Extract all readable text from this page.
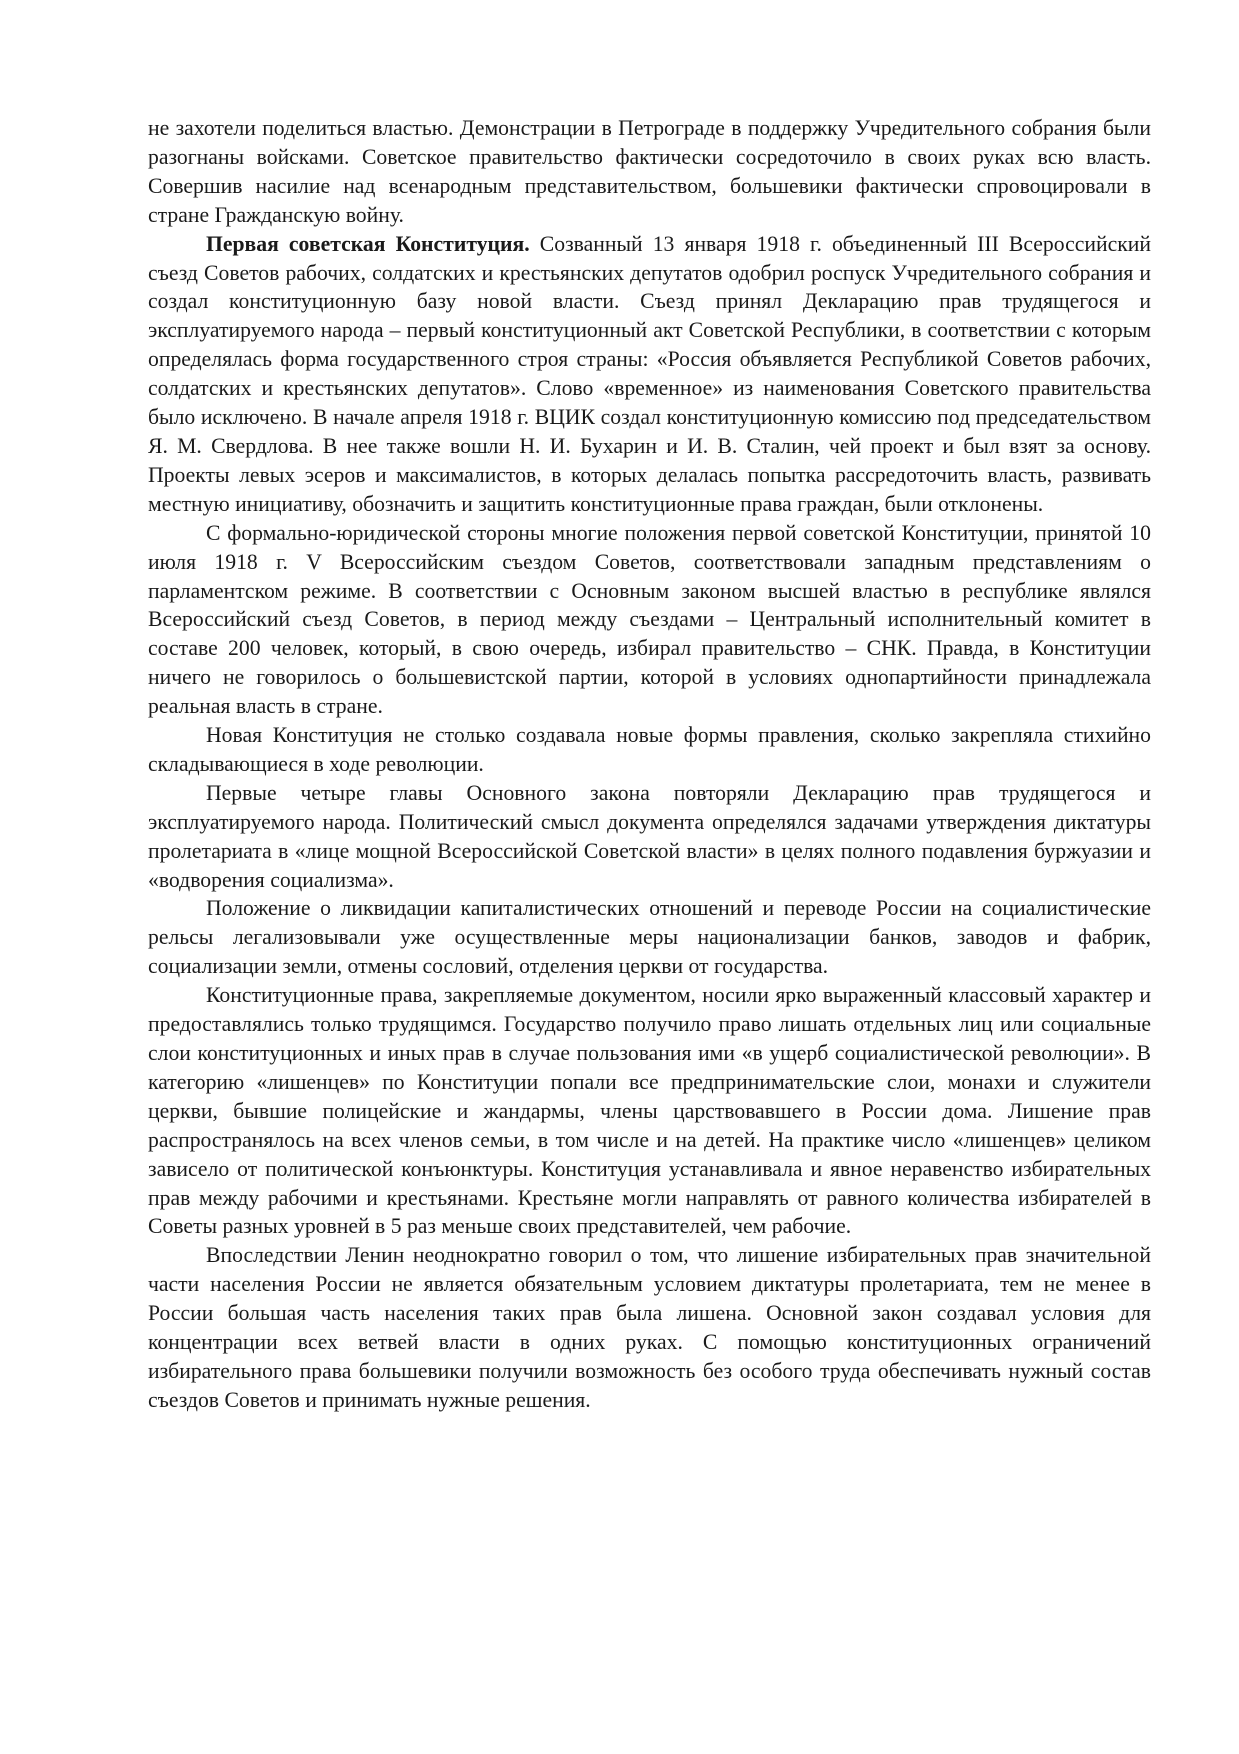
не захотели поделиться властью. Демонстрации в Петрограде в поддержку Учредительного собрания были разогнаны войсками. Советское правительство фактически сосредоточило в своих руках всю власть. Совершив насилие над всенародным представительством, большевики фактически спровоцировали в стране Гражданскую войну.

Первая советская Конституция. Созванный 13 января 1918 г. объединенный III Всероссийский съезд Советов рабочих, солдатских и крестьянских депутатов одобрил роспуск Учредительного собрания и создал конституционную базу новой власти. Съезд принял Декларацию прав трудящегося и эксплуатируемого народа – первый конституционный акт Советской Республики, в соответствии с которым определялась форма государственного строя страны: «Россия объявляется Республикой Советов рабочих, солдатских и крестьянских депутатов». Слово «временное» из наименования Советского правительства было исключено. В начале апреля 1918 г. ВЦИК создал конституционную комиссию под председательством Я. М. Свердлова. В нее также вошли Н. И. Бухарин и И. В. Сталин, чей проект и был взят за основу. Проекты левых эсеров и максималистов, в которых делалась попытка рассредоточить власть, развивать местную инициативу, обозначить и защитить конституционные права граждан, были отклонены.

С формально-юридической стороны многие положения первой советской Конституции, принятой 10 июля 1918 г. V Всероссийским съездом Советов, соответствовали западным представлениям о парламентском режиме. В соответствии с Основным законом высшей властью в республике являлся Всероссийский съезд Советов, в период между съездами – Центральный исполнительный комитет в составе 200 человек, который, в свою очередь, избирал правительство – СНК. Правда, в Конституции ничего не говорилось о большевистской партии, которой в условиях однопартийности принадлежала реальная власть в стране.

Новая Конституция не столько создавала новые формы правления, сколько закрепляла стихийно складывающиеся в ходе революции.

Первые четыре главы Основного закона повторяли Декларацию прав трудящегося и эксплуатируемого народа. Политический смысл документа определялся задачами утверждения диктатуры пролетариата в «лице мощной Всероссийской Советской власти» в целях полного подавления буржуазии и «водворения социализма».

Положение о ликвидации капиталистических отношений и переводе России на социалистические рельсы легализовывали уже осуществленные меры национализации банков, заводов и фабрик, социализации земли, отмены сословий, отделения церкви от государства.

Конституционные права, закрепляемые документом, носили ярко выраженный классовый характер и предоставлялись только трудящимся. Государство получило право лишать отдельных лиц или социальные слои конституционных и иных прав в случае пользования ими «в ущерб социалистической революции». В категорию «лишенцев» по Конституции попали все предпринимательские слои, монахи и служители церкви, бывшие полицейские и жандармы, члены царствовавшего в России дома. Лишение прав распространялось на всех членов семьи, в том числе и на детей. На практике число «лишенцев» целиком зависело от политической конъюнктуры. Конституция устанавливала и явное неравенство избирательных прав между рабочими и крестьянами. Крестьяне могли направлять от равного количества избирателей в Советы разных уровней в 5 раз меньше своих представителей, чем рабочие.

Впоследствии Ленин неоднократно говорил о том, что лишение избирательных прав значительной части населения России не является обязательным условием диктатуры пролетариата, тем не менее в России большая часть населения таких прав была лишена. Основной закон создавал условия для концентрации всех ветвей власти в одних руках. С помощью конституционных ограничений избирательного права большевики получили возможность без особого труда обеспечивать нужный состав съездов Советов и принимать нужные решения.
